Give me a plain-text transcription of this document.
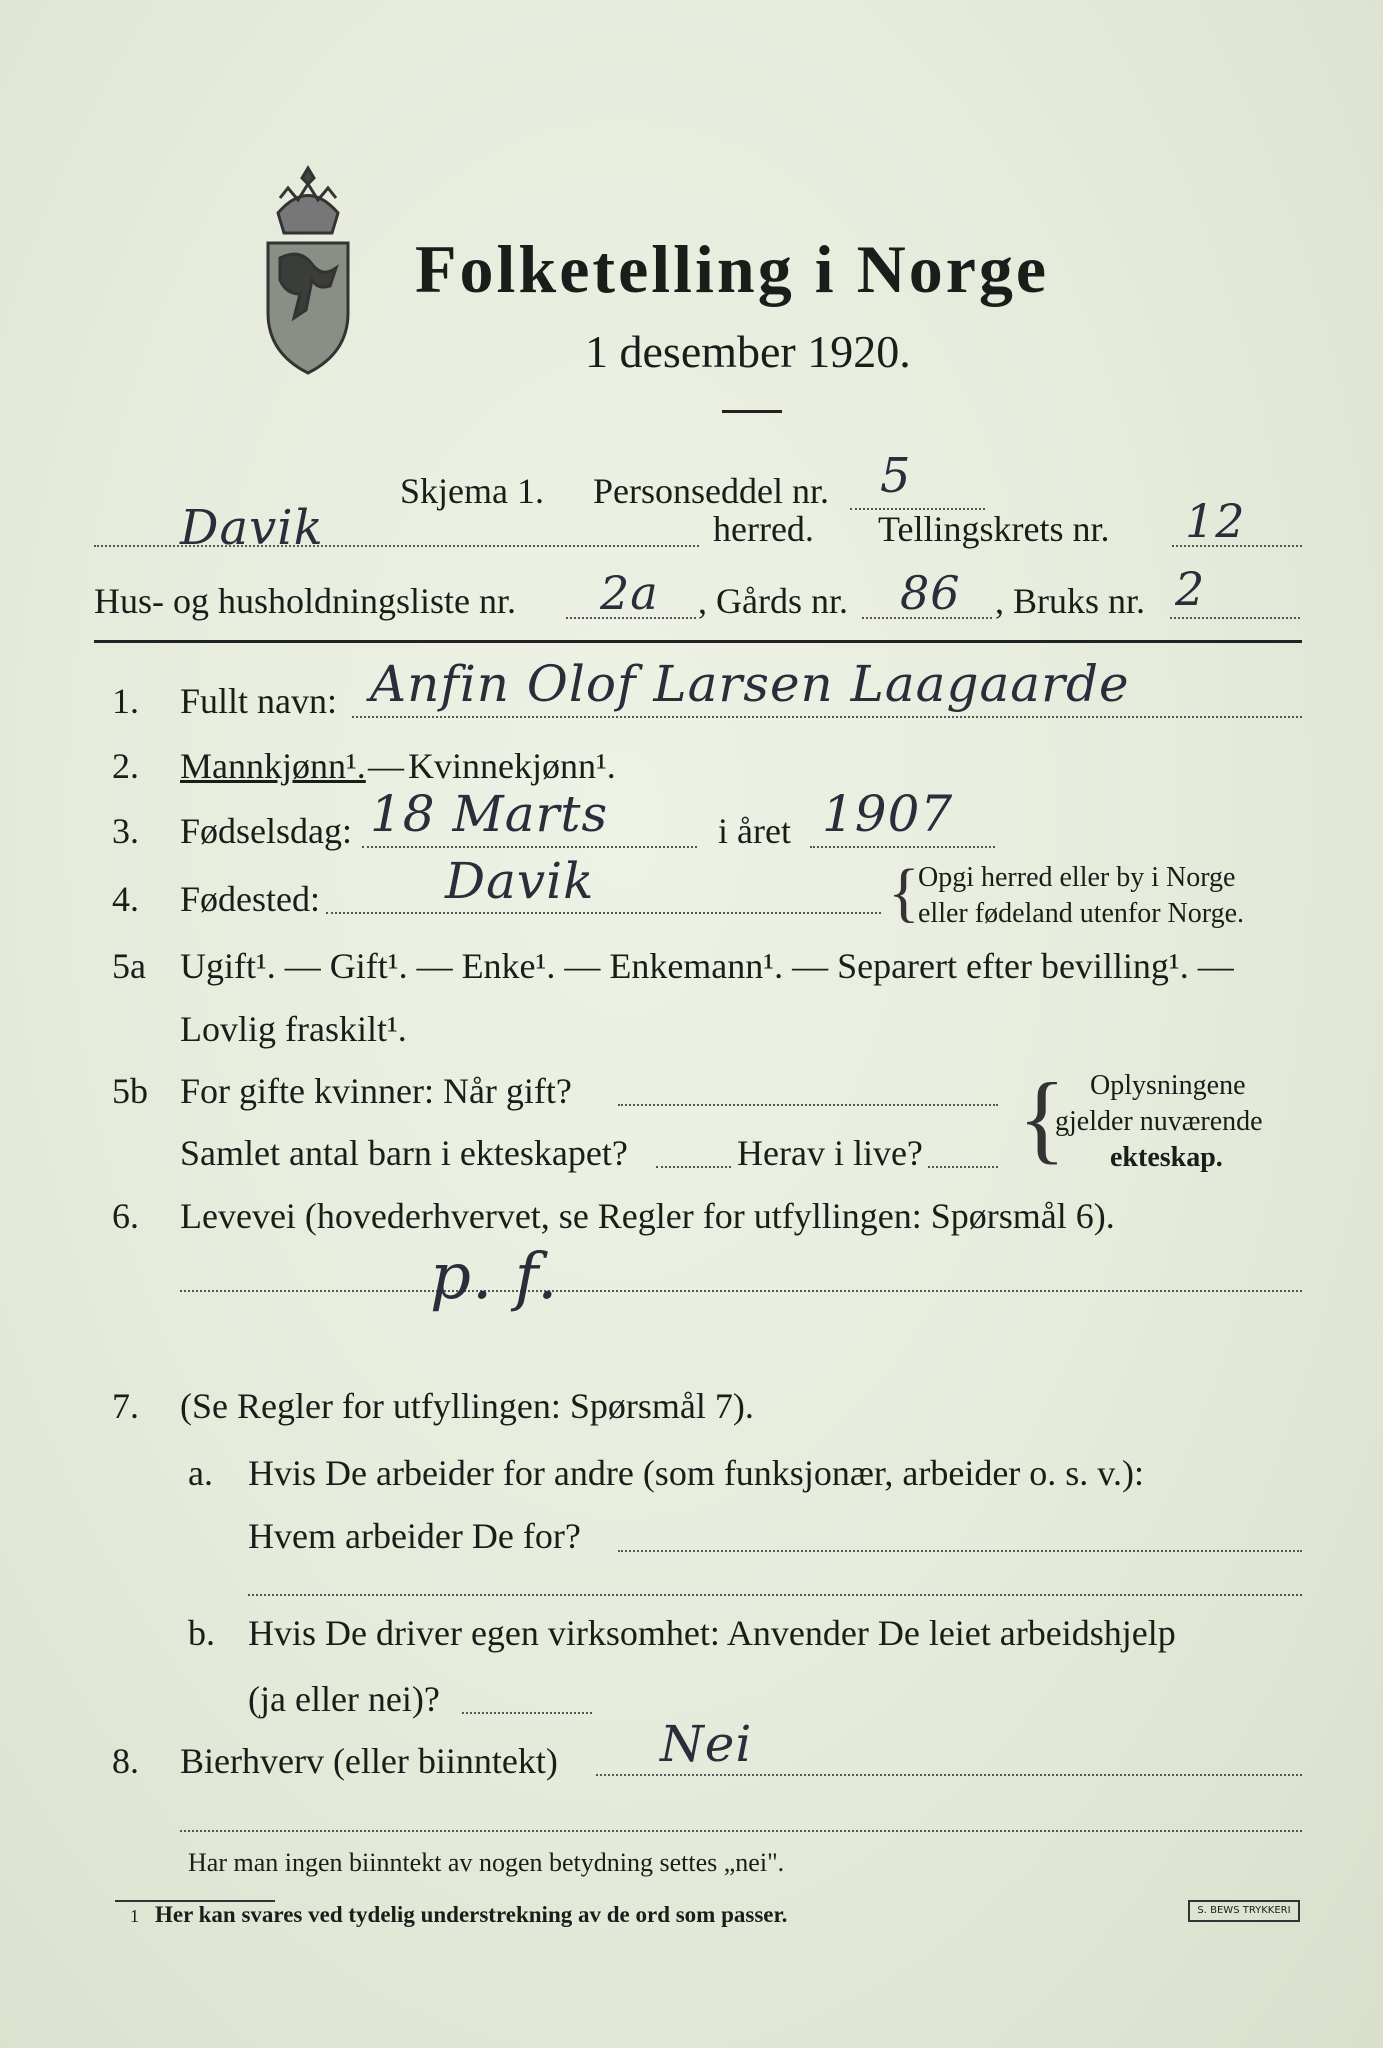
Folketelling i Norge
1 desember 1920.
Skjema 1. Personseddel nr. 5
Davik	herred. Tellingskrets nr. 12
Hus- og husholdningsliste nr. 2a , Gårds nr. 86 , Bruks nr. 2
1. Fullt navn: Anfin Olof Larsen Laagaarde
2. Mannkjønn¹. — Kvinnekjønn¹.
3. Fødselsdag: 18 Marts	i året 1907
4. Fødested:	Davik	{
Opgi herred eller by i Norge
eller fødeland utenfor Norge.
5a Ugift¹. — Gift¹. — Enke¹. — Enkemann¹. — Separert efter bevilling¹. —
Lovlig fraskilt¹.
5b For gifte kvinner: Når gift?
Samlet antal barn i ekteskapet?	Herav i live? { Oplysningene
gjelder nuværende
ekteskap.
6. Levevei (hovederhvervet, se Regler for utfyllingen: Spørsmål 6).
p. f.
7. (Se Regler for utfyllingen: Spørsmål 7).
a. Hvis De arbeider for andre (som funksjonær, arbeider o. s. v.):
Hvem arbeider De for?
b. Hvis De driver egen virksomhet: Anvender De leiet arbeidshjelp
(ja eller nei)?
8. Bierhverv (eller biinntekt) Nei
Har man ingen biinntekt av nogen betydning settes „nei".
1 Her kan svares ved tydelig understrekning av de ord som passer.	S. BEWS TRYKKERI
